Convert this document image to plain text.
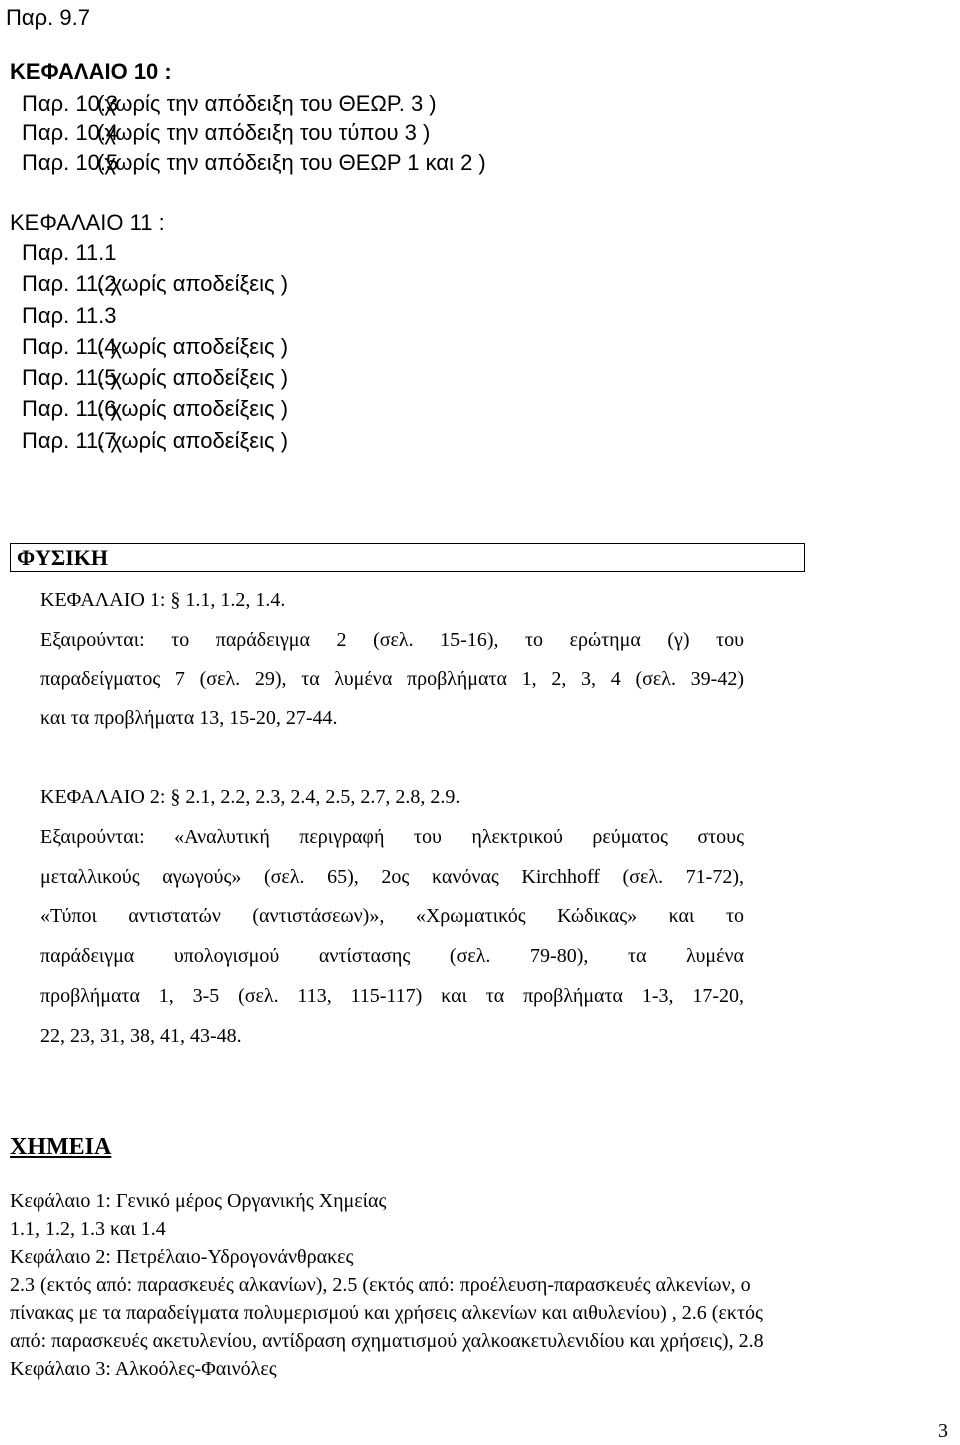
Παρ. 9.7
ΚΕΦΑΛΑΙΟ 10 :
Παρ. 10.3(χωρίς την απόδειξη του ΘΕΩΡ. 3 )
Παρ. 10.4(χωρίς την απόδειξη του τύπου 3 )
Παρ. 10.5(χωρίς την απόδειξη του ΘΕΩΡ 1 και 2 )
ΚΕΦΑΛΑΙΟ 11 :
Παρ. 11.1
Παρ. 11.2( χωρίς αποδείξεις )
Παρ. 11.3
Παρ. 11.4( χωρίς αποδείξεις )
Παρ. 11.5( χωρίς αποδείξεις )
Παρ. 11.6( χωρίς αποδείξεις )
Παρ. 11.7( χωρίς αποδείξεις )
ΦΥΣΙΚΗ
ΚΕΦΑΛΑΙΟ 1: § 1.1, 1.2, 1.4.
Εξαιρούνται: το παράδειγμα 2 (σελ. 15-16), το ερώτημα (γ) του
παραδείγματος 7 (σελ. 29), τα λυμένα προβλήματα 1, 2, 3, 4 (σελ. 39-42)
και τα προβλήματα 13, 15-20, 27-44.
ΚΕΦΑΛΑΙΟ 2: § 2.1, 2.2, 2.3, 2.4, 2.5, 2.7, 2.8, 2.9.
Εξαιρούνται: «Αναλυτική περιγραφή του ηλεκτρικού ρεύματος στους
μεταλλικούς αγωγούς» (σελ. 65), 2ος κανόνας Kirchhoff (σελ. 71-72),
«Τύποι αντιστατών (αντιστάσεων)», «Χρωματικός Κώδικας» και το
παράδειγμα υπολογισμού αντίστασης (σελ. 79-80), τα λυμένα
προβλήματα 1, 3-5 (σελ. 113, 115-117) και τα προβλήματα 1-3, 17-20,
22, 23, 31, 38, 41, 43-48.
ΧΗΜΕΙΑ
Κεφάλαιο 1: Γενικό μέρος Οργανικής Χημείας
1.1, 1.2, 1.3 και 1.4
Κεφάλαιο 2: Πετρέλαιο-Υδρογονάνθρακες
2.3 (εκτός από: παρασκευές αλκανίων), 2.5 (εκτός από: προέλευση-παρασκευές αλκενίων, ο
πίνακας με τα παραδείγματα πολυμερισμού και χρήσεις αλκενίων και αιθυλενίου) , 2.6 (εκτός
από: παρασκευές ακετυλενίου, αντίδραση σχηματισμού χαλκοακετυλενιδίου και χρήσεις), 2.8
Κεφάλαιο 3: Αλκοόλες-Φαινόλες
3
